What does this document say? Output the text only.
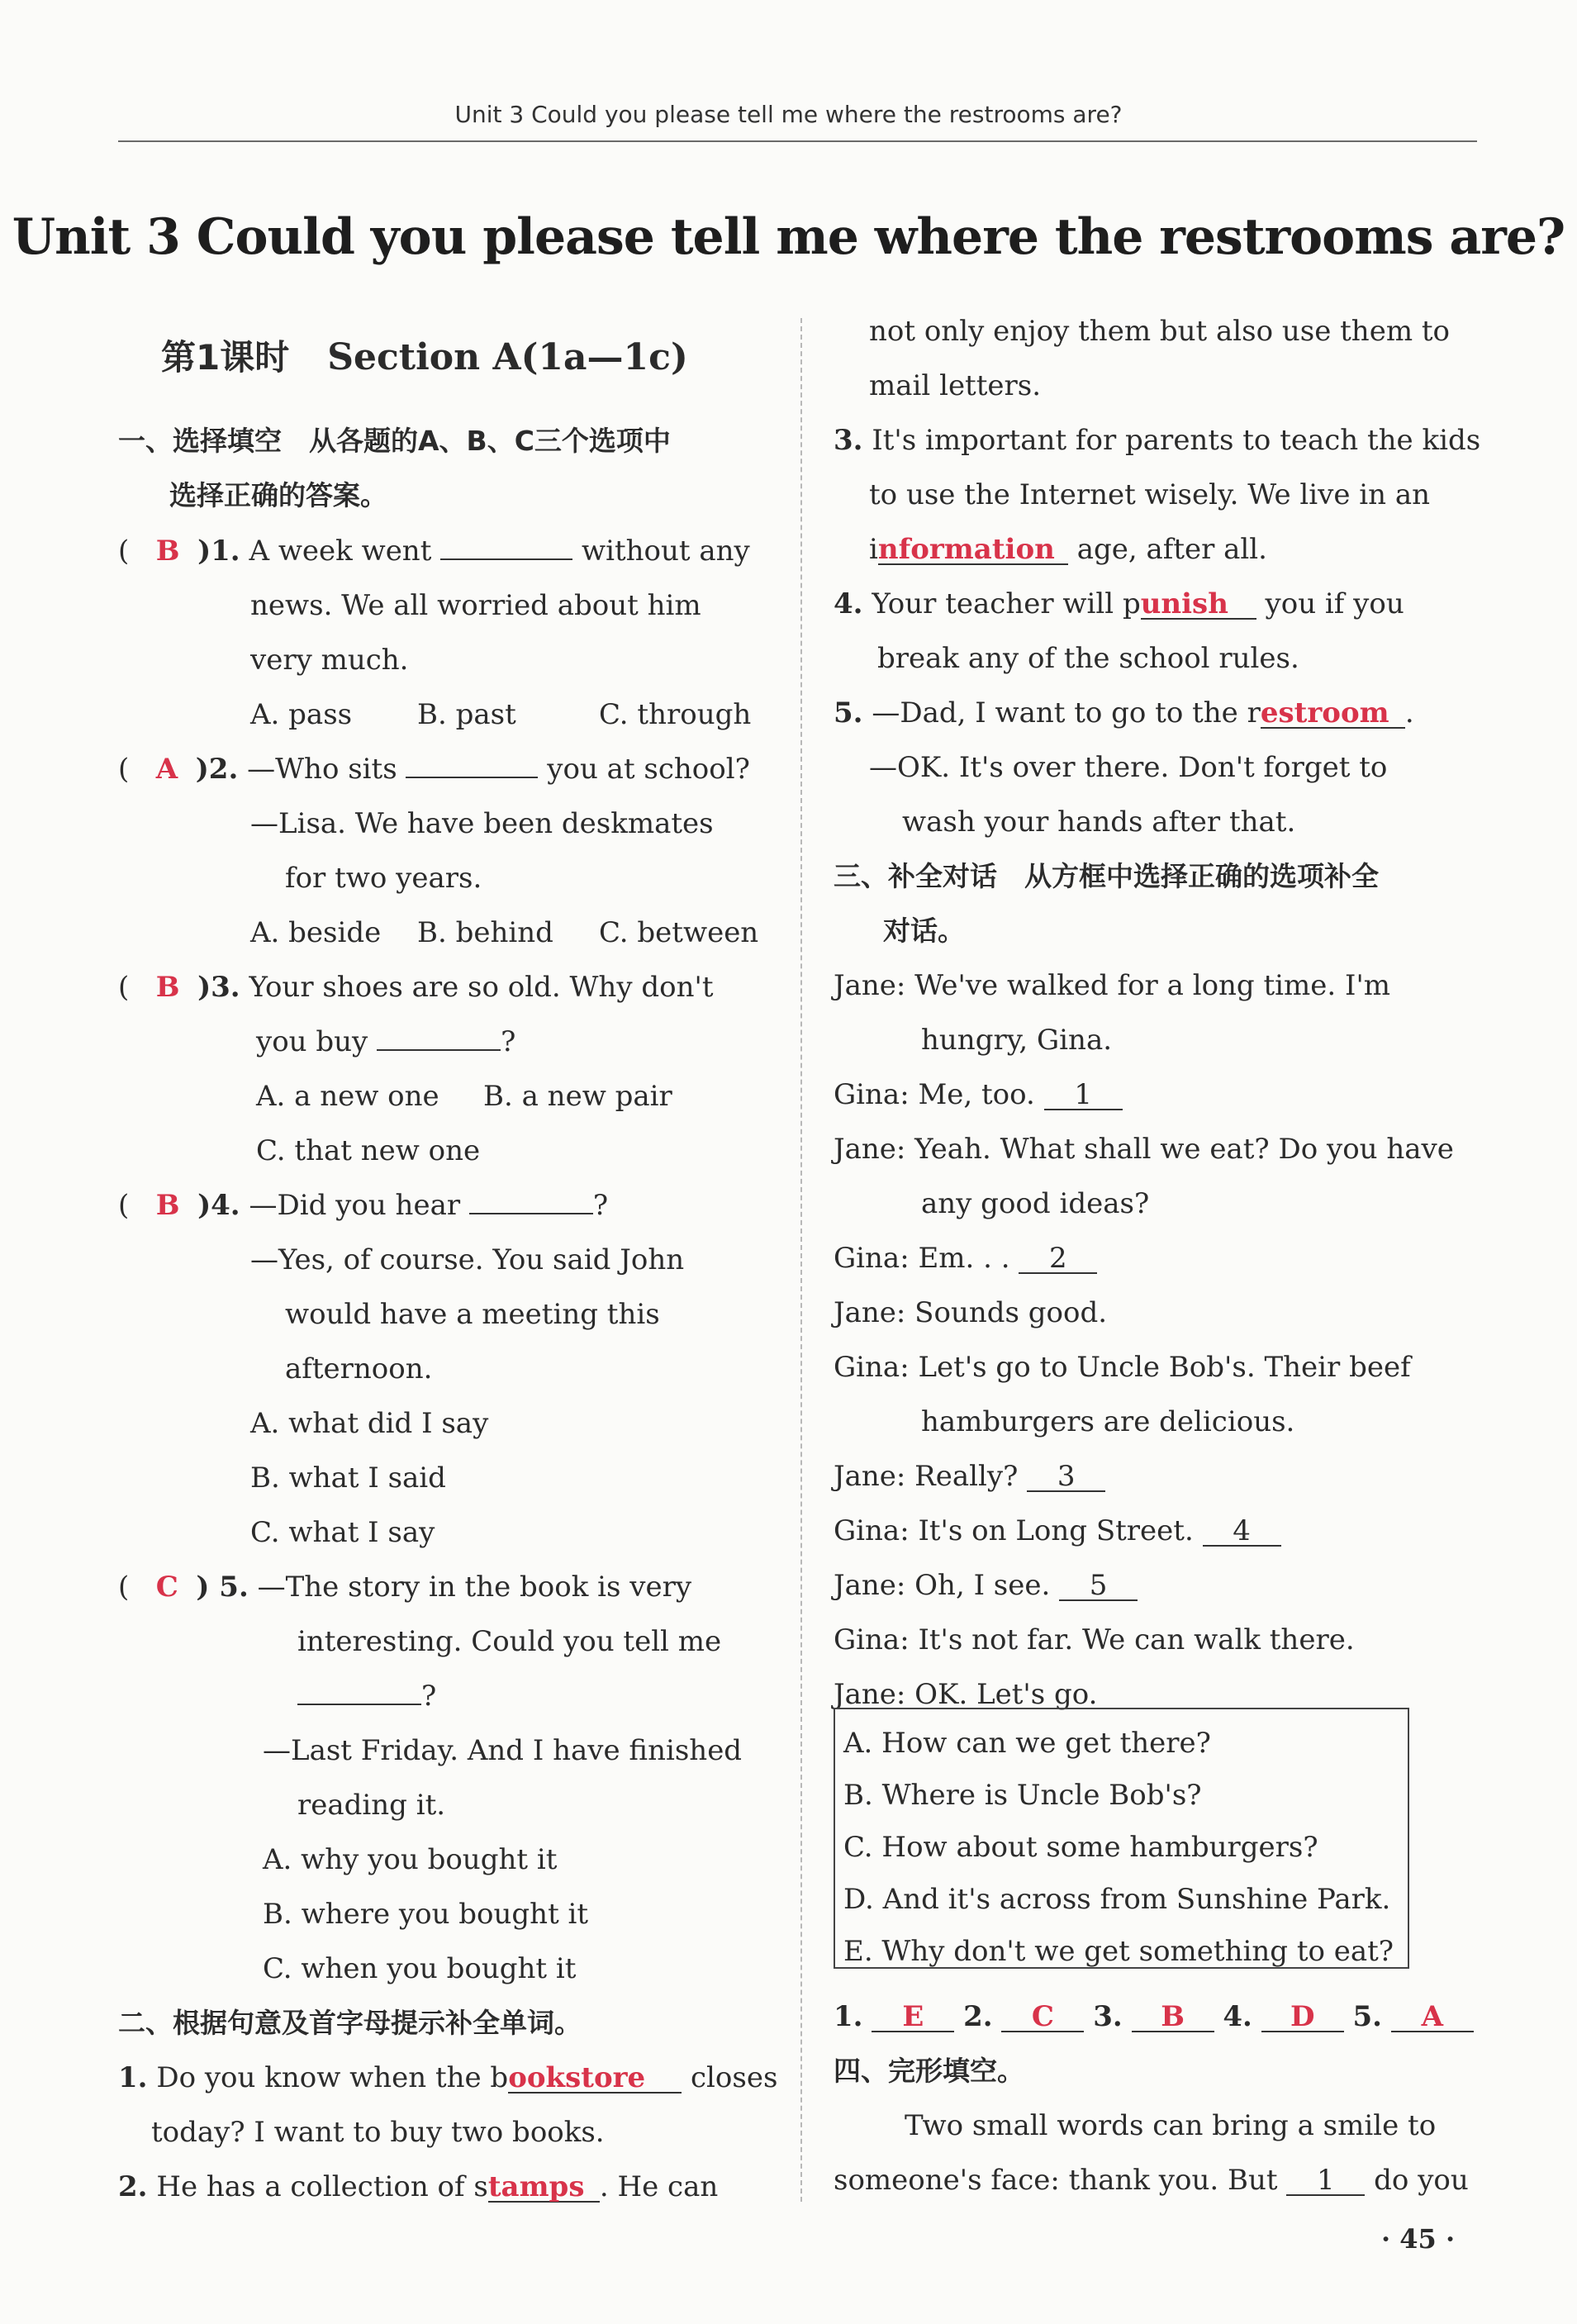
Unit 3 Could you please tell me where the restrooms are?
Unit 3 Could you please tell me where the restrooms are?
第1课时 Section A(1a—1c)
一、选择填空　从各题的A、B、C三个选项中
选择正确的答案。
(   B )1. A week went	without any
news. We all worried about him
very much.
A. pass B. past	C. through
(   A )2. —Who sits	you at school?
—Lisa. We have been deskmates
for two years.
A. beside B. behind C. between
(   B )3. Your shoes are so old. Why don't
you buy	?
A. a new one B. a new pair
C. that new one
(   B )4. —Did you hear	?
—Yes, of course. You said John
would have a meeting this
afternoon.
A. what did I say
B. what I said
C. what I say
(   C ) 5. —The story in the book is very
interesting. Could you tell me
?
—Last Friday. And I have finished
reading it.
A. why you bought it
B. where you bought it
C. when you bought it
二、根据句意及首字母提示补全单词。
1. Do you know when the bookstore closes
today? I want to buy two books.
2. He has a collection of stamps . He can
not only enjoy them but also use them to
mail letters.
3. It's important for parents to teach the kids
to use the Internet wisely. We live in an
information age, after all.
4. Your teacher will punish you if you
break any of the school rules.
5. —Dad, I want to go to the restroom .
—OK. It's over there. Don't forget to
wash your hands after that.
三、补全对话　从方框中选择正确的选项补全
对话。
Jane: We've walked for a long time. I'm
hungry, Gina.
Gina: Me, too. 1
Jane: Yeah. What shall we eat? Do you have
any good ideas?
Gina: Em. . . 2
Jane: Sounds good.
Gina: Let's go to Uncle Bob's. Their beef
hamburgers are delicious.
Jane: Really? 3
Gina: It's on Long Street. 4
Jane: Oh, I see. 5
Gina: It's not far. We can walk there.
Jane: OK. Let's go.
A. How can we get there?
B. Where is Uncle Bob's?
C. How about some hamburgers?
D. And it's across from Sunshine Park.
E. Why don't we get something to eat?
1. E 2. C 3. B 4. D 5. A
四、完形填空。
Two small words can bring a smile to
someone's face: thank you. But 1 do you
· 45 ·
